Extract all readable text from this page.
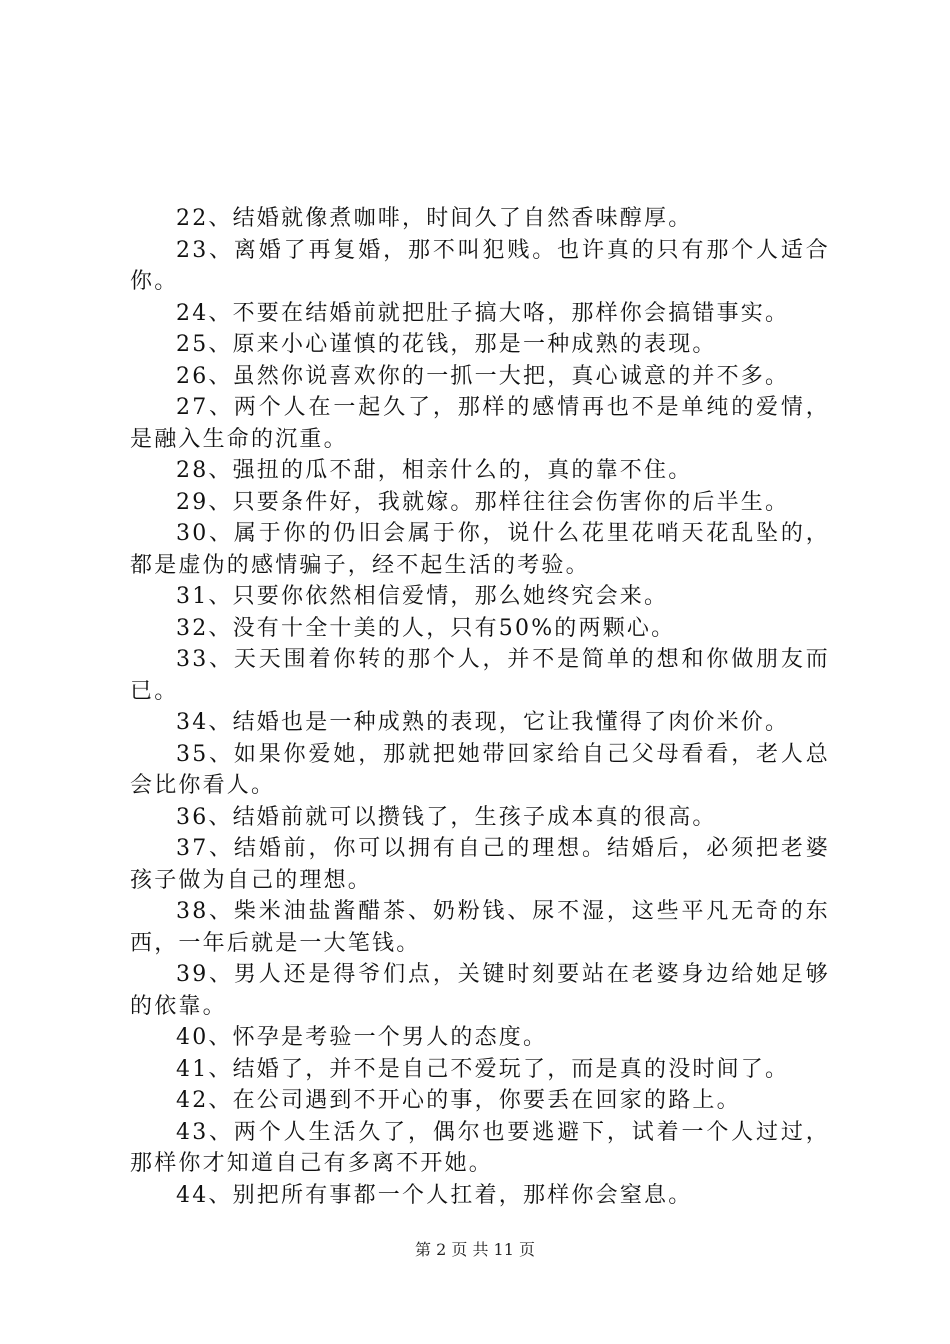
22、结婚就像煮咖啡，时间久了自然香味醇厚。

23、离婚了再复婚，那不叫犯贱。也许真的只有那个人适合你。

24、不要在结婚前就把肚子搞大咯，那样你会搞错事实。

25、原来小心谨慎的花钱，那是一种成熟的表现。

26、虽然你说喜欢你的一抓一大把，真心诚意的并不多。

27、两个人在一起久了，那样的感情再也不是单纯的爱情，是融入生命的沉重。

28、强扭的瓜不甜，相亲什么的，真的靠不住。

29、只要条件好，我就嫁。那样往往会伤害你的后半生。

30、属于你的仍旧会属于你，说什么花里花哨天花乱坠的，都是虚伪的感情骗子，经不起生活的考验。

31、只要你依然相信爱情，那么她终究会来。

32、没有十全十美的人，只有50%的两颗心。

33、天天围着你转的那个人，并不是简单的想和你做朋友而已。

34、结婚也是一种成熟的表现，它让我懂得了肉价米价。

35、如果你爱她，那就把她带回家给自己父母看看，老人总会比你看人。

36、结婚前就可以攒钱了，生孩子成本真的很高。

37、结婚前，你可以拥有自己的理想。结婚后，必须把老婆孩子做为自己的理想。

38、柴米油盐酱醋茶、奶粉钱、尿不湿，这些平凡无奇的东西，一年后就是一大笔钱。

39、男人还是得爷们点，关键时刻要站在老婆身边给她足够的依靠。

40、怀孕是考验一个男人的态度。

41、结婚了，并不是自己不爱玩了，而是真的没时间了。

42、在公司遇到不开心的事，你要丢在回家的路上。

43、两个人生活久了，偶尔也要逃避下，试着一个人过过，那样你才知道自己有多离不开她。

44、别把所有事都一个人扛着，那样你会窒息。

第 2 页 共 11 页
